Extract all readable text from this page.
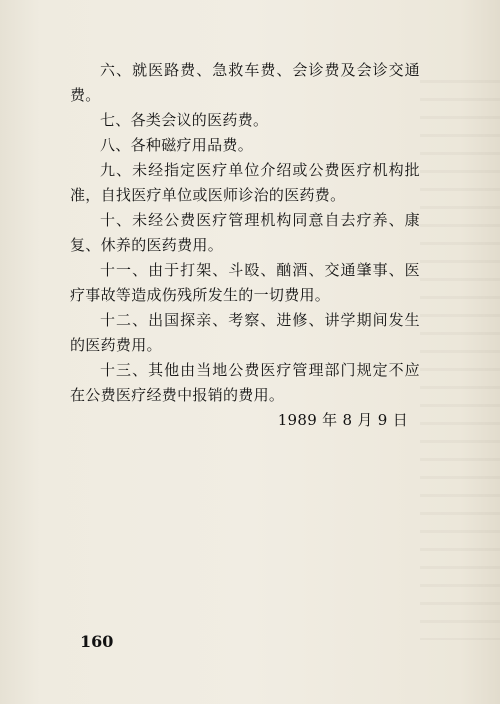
六、就医路费、急救车费、会诊费及会诊交通费。

七、各类会议的医药费。

八、各种磁疗用品费。

九、未经指定医疗单位介绍或公费医疗机构批准，自找医疗单位或医师诊治的医药费。

十、未经公费医疗管理机构同意自去疗养、康复、休养的医药费用。

十一、由于打架、斗殴、酗酒、交通肇事、医疗事故等造成伤残所发生的一切费用。

十二、出国探亲、考察、进修、讲学期间发生的医药费用。

十三、其他由当地公费医疗管理部门规定不应在公费医疗经费中报销的费用。

1989 年 8 月 9 日

160
